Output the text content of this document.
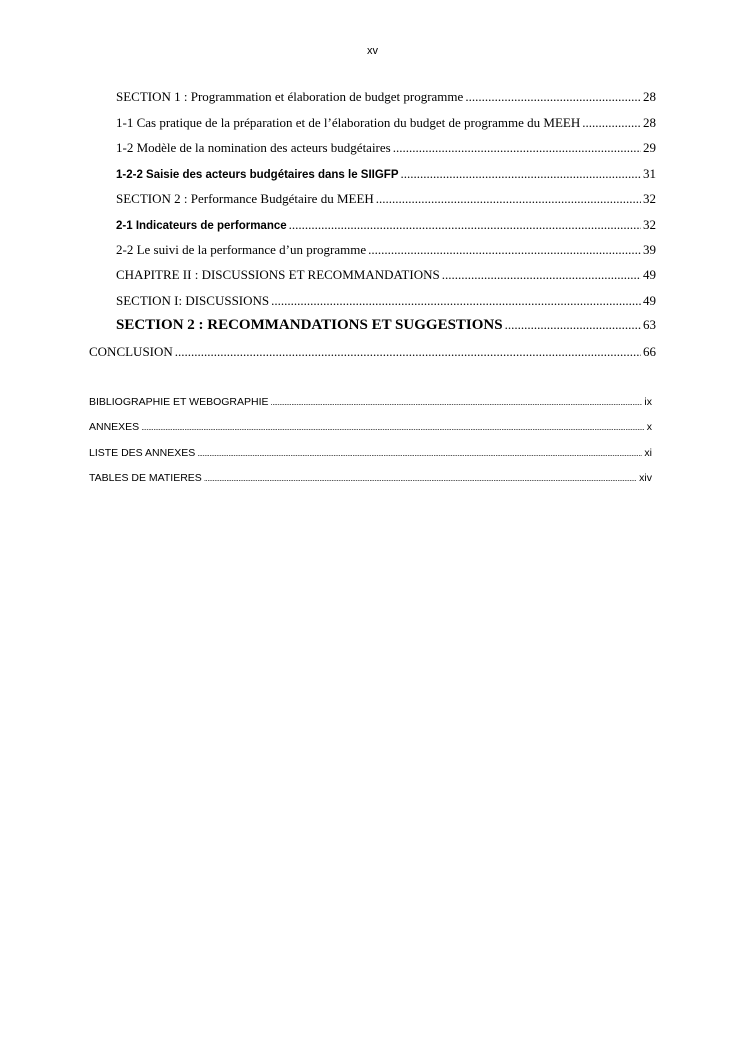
xv
SECTION 1 : Programmation et élaboration de budget programme .....	28
1-1 Cas pratique de la préparation et de l’élaboration du budget de programme du MEEH .....	28
1-2 Modèle de la nomination des acteurs budgétaires .....	29
1-2-2 Saisie des acteurs budgétaires dans le SIIGFP .....	31
SECTION 2 : Performance Budgétaire du MEEH .....	32
2-1 Indicateurs de performance .....	32
2-2 Le suivi de la performance d’un programme .....	39
CHAPITRE II : DISCUSSIONS ET RECOMMANDATIONS .....	49
SECTION I: DISCUSSIONS .....	49
SECTION 2 : RECOMMANDATIONS ET SUGGESTIONS .....	63
CONCLUSION .....	66
BIBLIOGRAPHIE ET WEBOGRAPHIE .....	ix
ANNEXES .....	x
LISTE DES ANNEXES .....	xi
TABLES DE MATIERES .....	xiv
